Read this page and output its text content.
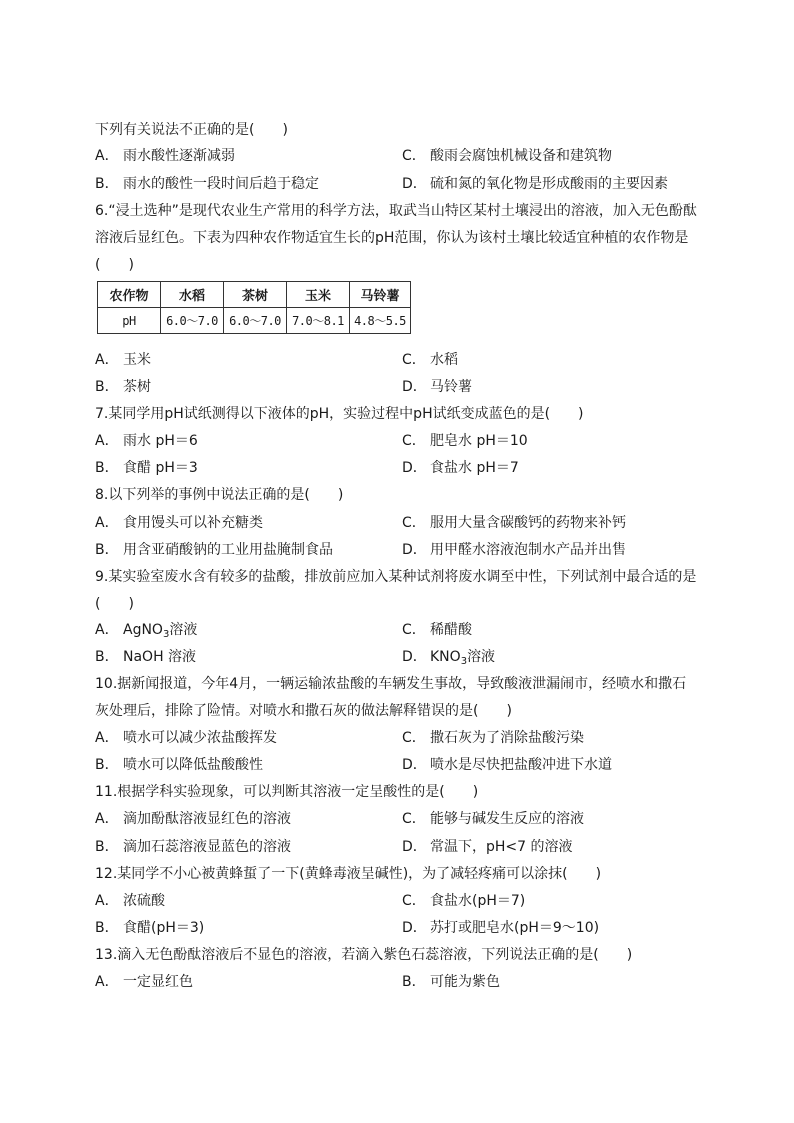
下列有关说法不正确的是(　　)
A． 雨水酸性逐渐减弱	C． 酸雨会腐蚀机械设备和建筑物
B． 雨水的酸性一段时间后趋于稳定	D． 硫和氮的氧化物是形成酸雨的主要因素
6.“浸土选种”是现代农业生产常用的科学方法，取武当山特区某村土壤浸出的溶液，加入无色酚酞
溶液后显红色。下表为四种农作物适宜生长的pH范围，你认为该村土壤比较适宜种植的农作物是
(　　)
农作物	水稻	茶树	玉米	马铃薯
pH	6.0～7.0	6.0～7.0	7.0～8.1	4.8～5.5
A． 玉米	C． 水稻
B． 茶树	D． 马铃薯
7.某同学用pH试纸测得以下液体的pH，实验过程中pH试纸变成蓝色的是(　　)
A． 雨水 pH＝6	C． 肥皂水 pH＝10
B． 食醋 pH＝3	D． 食盐水 pH＝7
8.以下列举的事例中说法正确的是(　　)
A． 食用馒头可以补充糖类	C． 服用大量含碳酸钙的药物来补钙
B． 用含亚硝酸钠的工业用盐腌制食品	D． 用甲醛水溶液泡制水产品并出售
9.某实验室废水含有较多的盐酸，排放前应加入某种试剂将废水调至中性，下列试剂中最合适的是
(　　)
A． AgNO$_3$溶液	C． 稀醋酸
B． NaOH 溶液	D． $KNO_3$溶液
10.据新闻报道，今年4月，一辆运输浓盐酸的车辆发生事故，导致酸液泄漏闹市，经喷水和撒石
灰处理后，排除了险情。对喷水和撒石灰的做法解释错误的是(　　)
A． 喷水可以减少浓盐酸挥发	C． 撒石灰为了消除盐酸污染
B． 喷水可以降低盐酸酸性	D． 喷水是尽快把盐酸冲进下水道
11.根据学科实验现象，可以判断其溶液一定呈酸性的是(　　)
A． 滴加酚酞溶液显红色的溶液	C． 能够与碱发生反应的溶液
B． 滴加石蕊溶液显蓝色的溶液	D． 常温下，pH<7 的溶液
12.某同学不小心被黄蜂蜇了一下(黄蜂毒液呈碱性)，为了减轻疼痛可以涂抹(　　)
A． 浓硫酸	C． 食盐水(pH＝7)
B． 食醋(pH＝3)	D． 苏打或肥皂水(pH＝9～10)
13.滴入无色酚酞溶液后不显色的溶液，若滴入紫色石蕊溶液，下列说法正确的是(　　)
A． 一定显红色	B． 可能为紫色
